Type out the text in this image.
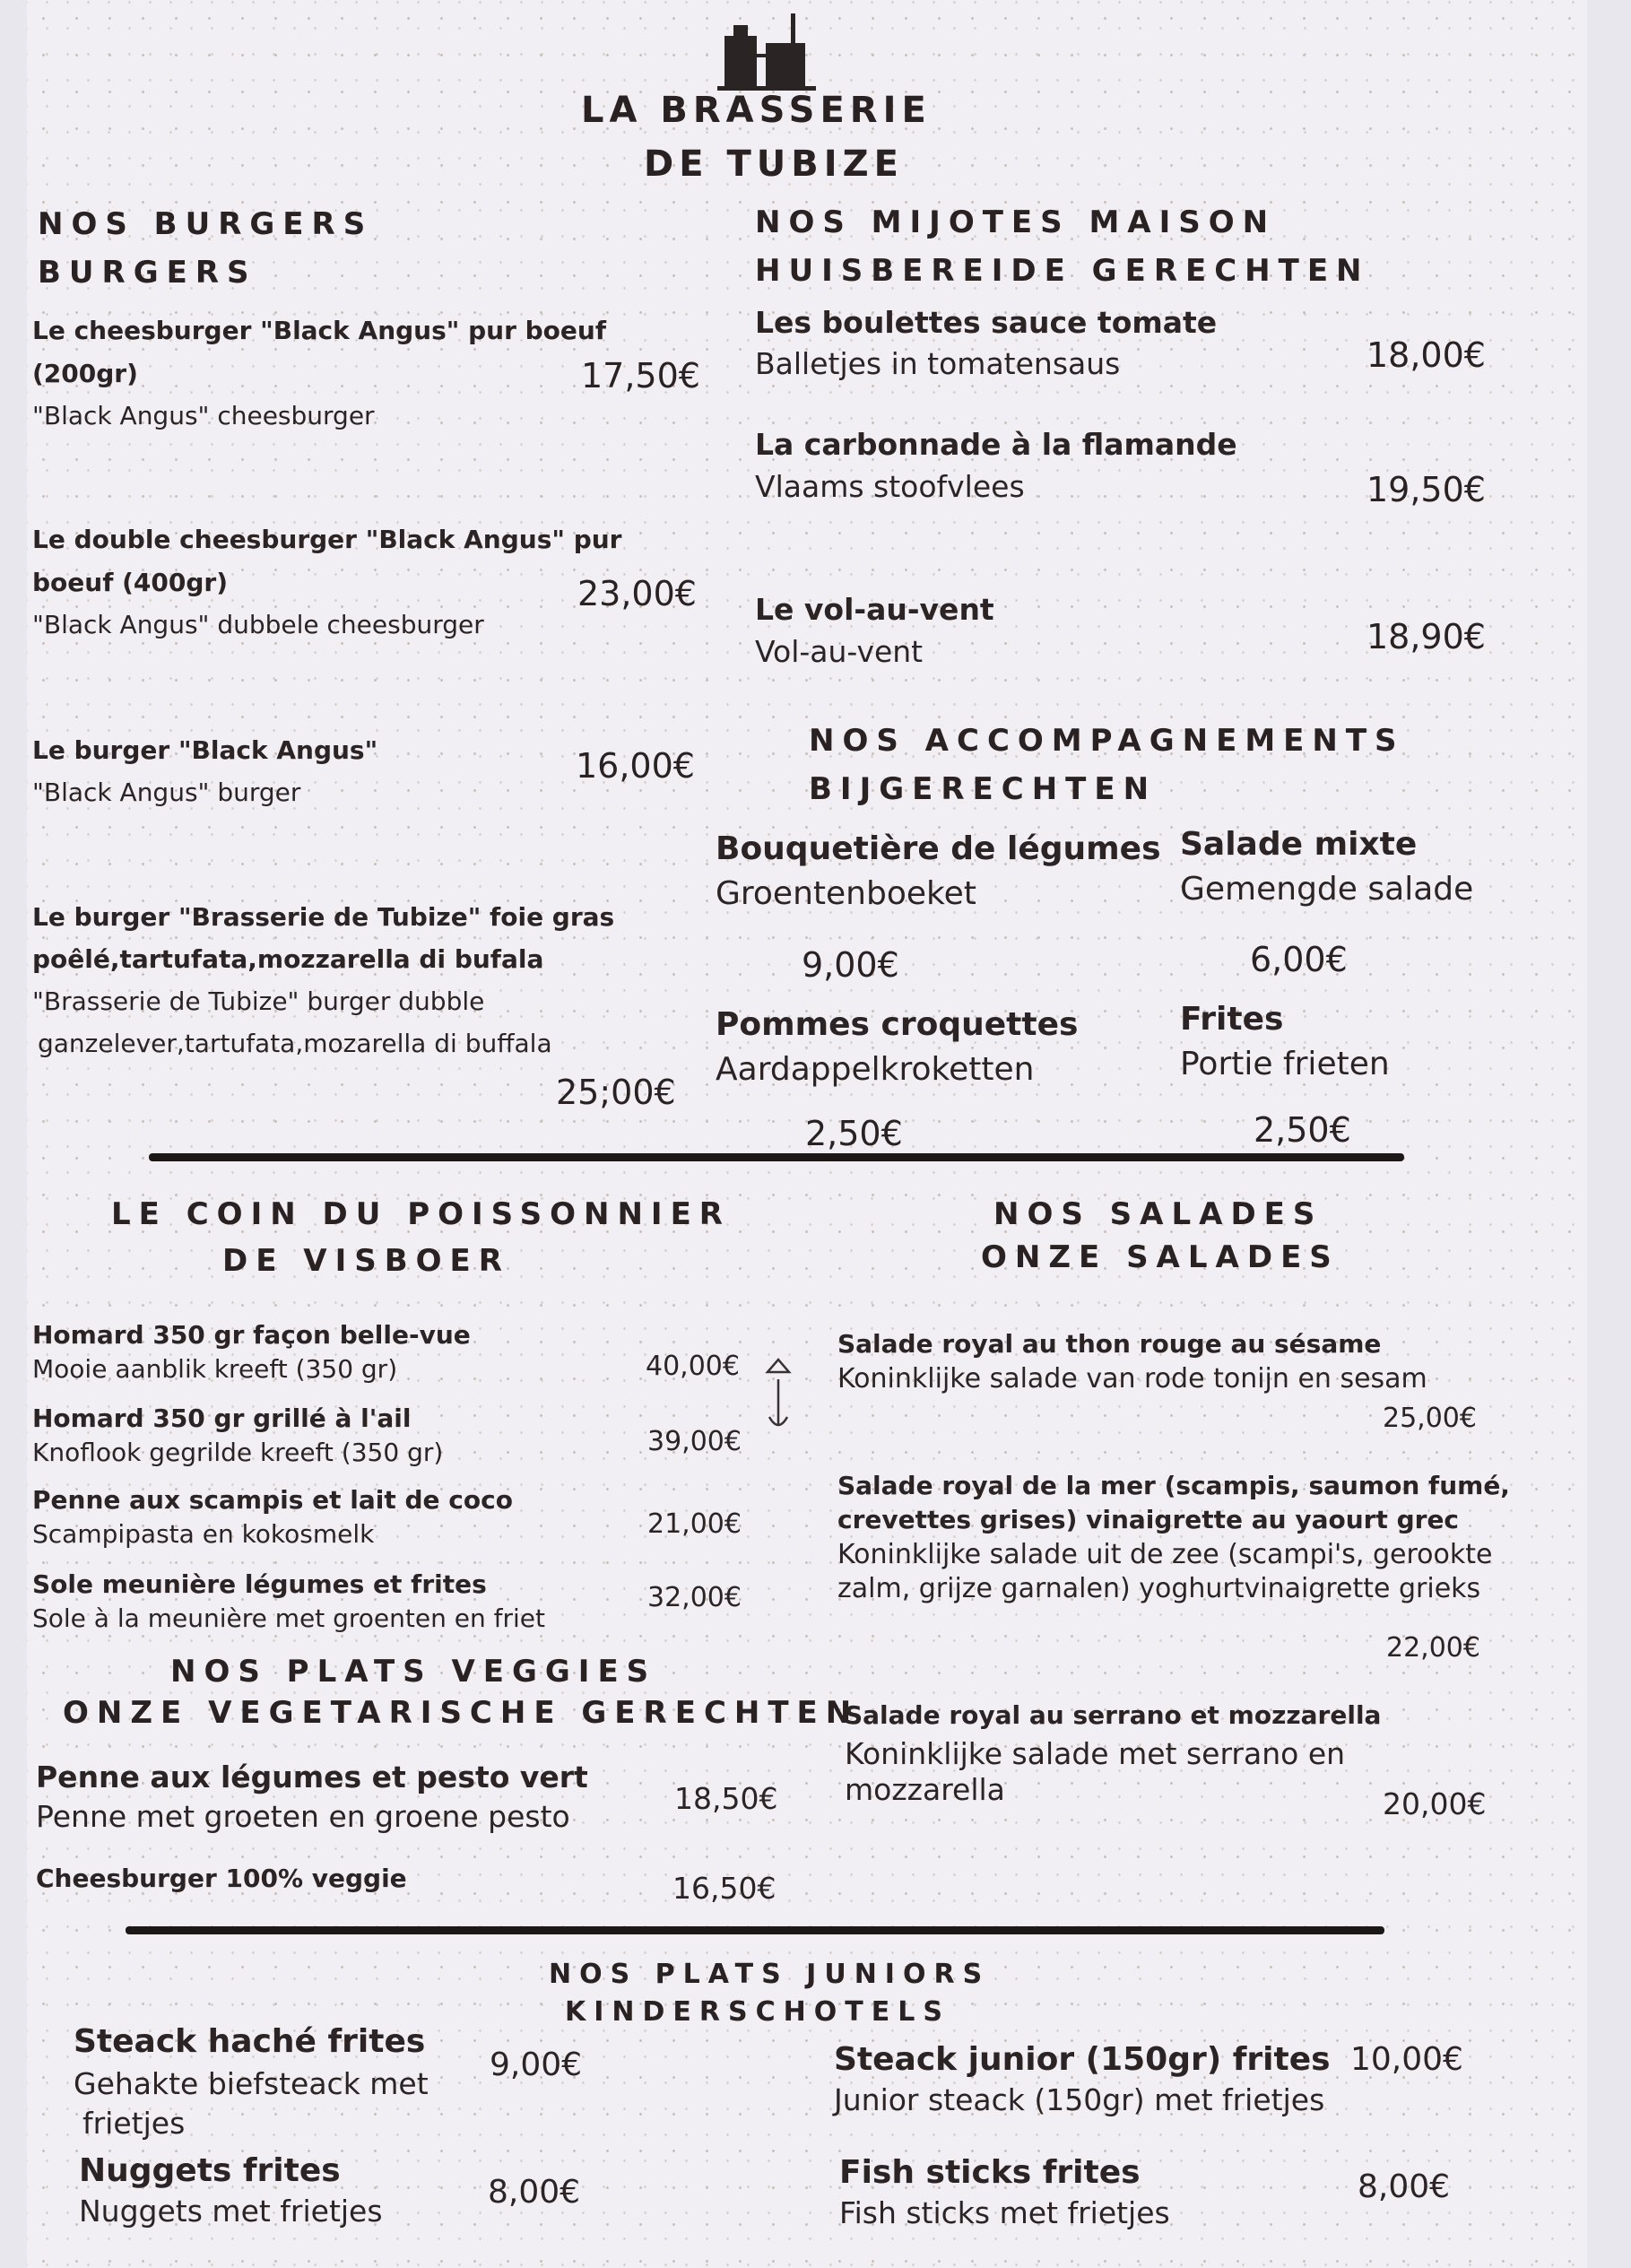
LA BRASSERIE
DE TUBIZE
NOS BURGERS
BURGERS
Le cheesburger "Black Angus" pur boeuf
(200gr)
"Black Angus" cheesburger
17,50€
Le double cheesburger "Black Angus" pur
boeuf (400gr)
"Black Angus" dubbele cheesburger
23,00€
Le burger "Black Angus"
"Black Angus" burger
16,00€
Le burger "Brasserie de Tubize" foie gras
poêlé,tartufata,mozzarella di bufala
"Brasserie de Tubize" burger dubble
ganzelever,tartufata,mozarella di buffala
25;00€
NOS MIJOTES MAISON
HUISBEREIDE GERECHTEN
Les boulettes sauce tomate
Balletjes in tomatensaus	18,00€
La carbonnade à la flamande
Vlaams stoofvlees	19,50€
Le vol-au-vent
Vol-au-vent	18,90€
NOS ACCOMPAGNEMENTS
BIJGERECHTEN
Bouquetière de légumes
Groentenboeket
9,00€
Salade mixte
Gemengde salade
6,00€
Pommes croquettes
Aardappelkroketten
2,50€
Frites
Portie frieten
2,50€
LE COIN DU POISSONNIER
DE VISBOER
Homard 350 gr façon belle-vue
Mooie aanblik kreeft (350 gr)	40,00€
Homard 350 gr grillé à l'ail
Knoflook gegrilde kreeft (350 gr)	39,00€
Penne aux scampis et lait de coco
Scampipasta en kokosmelk	21,00€
Sole meunière légumes et frites
Sole à la meunière met groenten en friet
32,00€
NOS PLATS VEGGIES
ONZE VEGETARISCHE GERECHTEN
Penne aux légumes et pesto vert
Penne met groeten en groene pesto
18,50€
Cheesburger 100% veggie	16,50€
NOS SALADES
ONZE SALADES
Salade royal au thon rouge au sésame
Koninklijke salade van rode tonijn en sesam
25,00€
Salade royal de la mer (scampis, saumon fumé,
crevettes grises) vinaigrette au yaourt grec
Koninklijke salade uit de zee (scampi's, gerookte
zalm, grijze garnalen) yoghurtvinaigrette grieks
22,00€
Salade royal au serrano et mozzarella
Koninklijke salade met serrano en
mozzarella	20,00€
NOS PLATS JUNIORS
KINDERSCHOTELS
Steack haché frites
Gehakte biefsteack met
frietjes
9,00€	Steack junior (150gr) frites
Junior steack (150gr) met frietjes
10,00€
Nuggets frites
Nuggets met frietjes
8,00€
Fish sticks frites
Fish sticks met frietjes
8,00€
